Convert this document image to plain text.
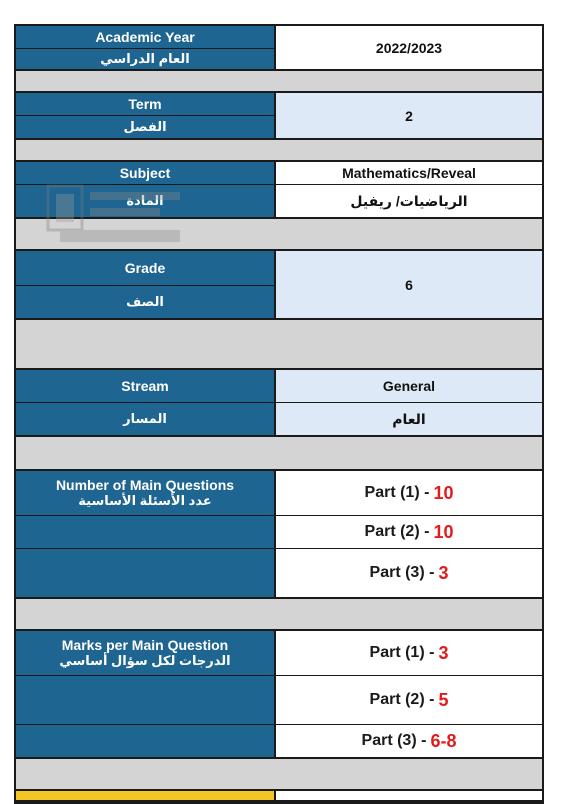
Academic Year
العام الدراسي
2022/2023
Term
الفصل
2
Subject
المادة
Mathematics/Reveal
الرياضيات/ ريفيل
Grade
الصف
6
Stream
المسار
General
العام
Number of Main Questions
عدد الأسئلة الأساسية	Part (1) - 10
Part (2) - 10
Part (3) - 3
Marks per Main Question
الدرجات لكل سؤال أساسي	Part (1) - 3
Part (2) - 5
Part (3) - 6-8
